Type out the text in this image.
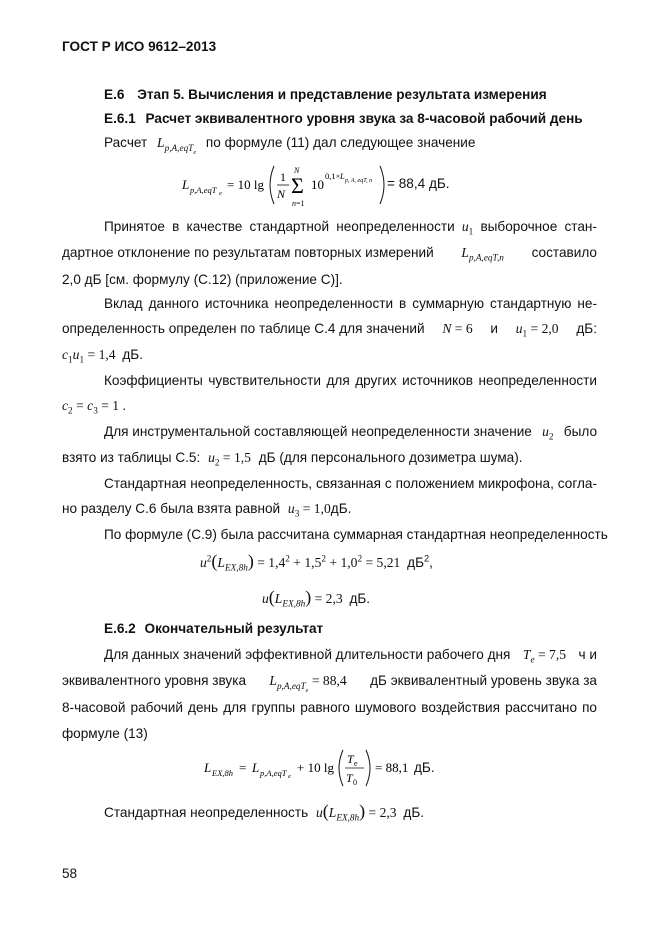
ГОСТ Р ИСО 9612–2013
Е.6 Этап 5. Вычисления и представление результата измерения
Е.6.1 Расчет эквивалентного уровня звука за 8-часовой рабочий день
Расчет $L_{p,A,eqT_e}$ по формуле (11) дал следующее значение
L p,A,eqT e
= 10 lg 1
N Σ
N
n=1
10
0,1× L p, A, eqT, n = 88,4 дБ.
Принятое в качестве стандартной неопределенности $u_1$ выборочное стан-
дартное отклонение по результатам повторных измерений $L_{p,A,eqT,n}$ составило
2,0 дБ [см. формулу (С.12) (приложение С)].
Вклад данного источника неопределенности в суммарную стандартную не-
определенность определен по таблице С.4 для значений N = 6 и $u_1 = 2,0$ дБ:
$c_1u_1 = 1,4$ дБ.
Коэффициенты чувствительности для других источников неопределенности
$c_2 = c_3 = 1$ .
Для инструментальной составляющей неопределенности значение $u_2$ было
взято из таблицы С.5: $u_2 = 1,5$ дБ (для персонального дозиметра шума).
Стандартная неопределенность, связанная с положением микрофона, согла-
но разделу С.6 была взята равной $u_3 = 1,0дБ$.
По формуле (С.9) была рассчитана суммарная стандартная неопределенность
$u^2(L_{EX,8h}) = 1,4^2 + 1,5^2 + 1,0^2 = 5,21$ $дБ^2$,
$u(L_{EX,8h}) = 2,3$ дБ.
Е.6.2 Окончательный результат
Для данных значений эффективной длительности рабочего дня $T_e = 7,5$ ч и
эквивалентного уровня звука $L_{p,A,eqT_e} = 88,4$ дБ эквивалентный уровень звука за
8-часовой рабочий день для группы равного шумового воздействия рассчитано по
формуле (13)
L EX,8h = L p,A,eqT e
+ 10 lg
T e
T 0
= 88,1 дБ.
Стандартная неопределенность $u(L_{EX,8h}) = 2,3$ дБ.
58
